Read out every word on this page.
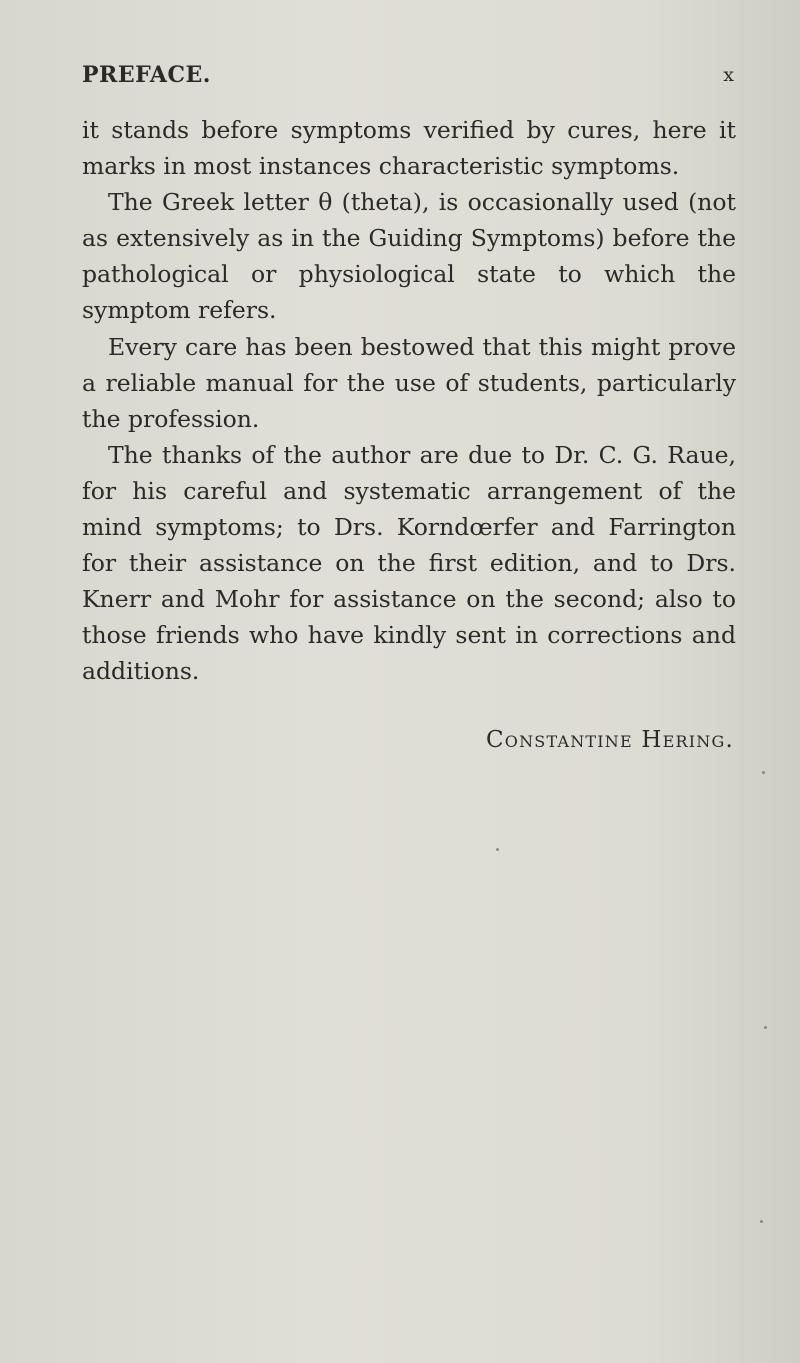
PREFACE.	x

it stands before symptoms verified by cures, here it marks in most instances characteristic symptoms.

The Greek letter θ (theta), is occasionally used (not as extensively as in the Guiding Symptoms) before the pathological or physiological state to which the symptom refers.

Every care has been bestowed that this might prove a reliable manual for the use of students, particularly the profession.

The thanks of the author are due to Dr. C. G. Raue, for his careful and systematic arrangement of the mind symptoms; to Drs. Korndœrfer and Farrington for their assistance on the first edition, and to Drs. Knerr and Mohr for assistance on the second; also to those friends who have kindly sent in corrections and additions.

Constantine Hering.
